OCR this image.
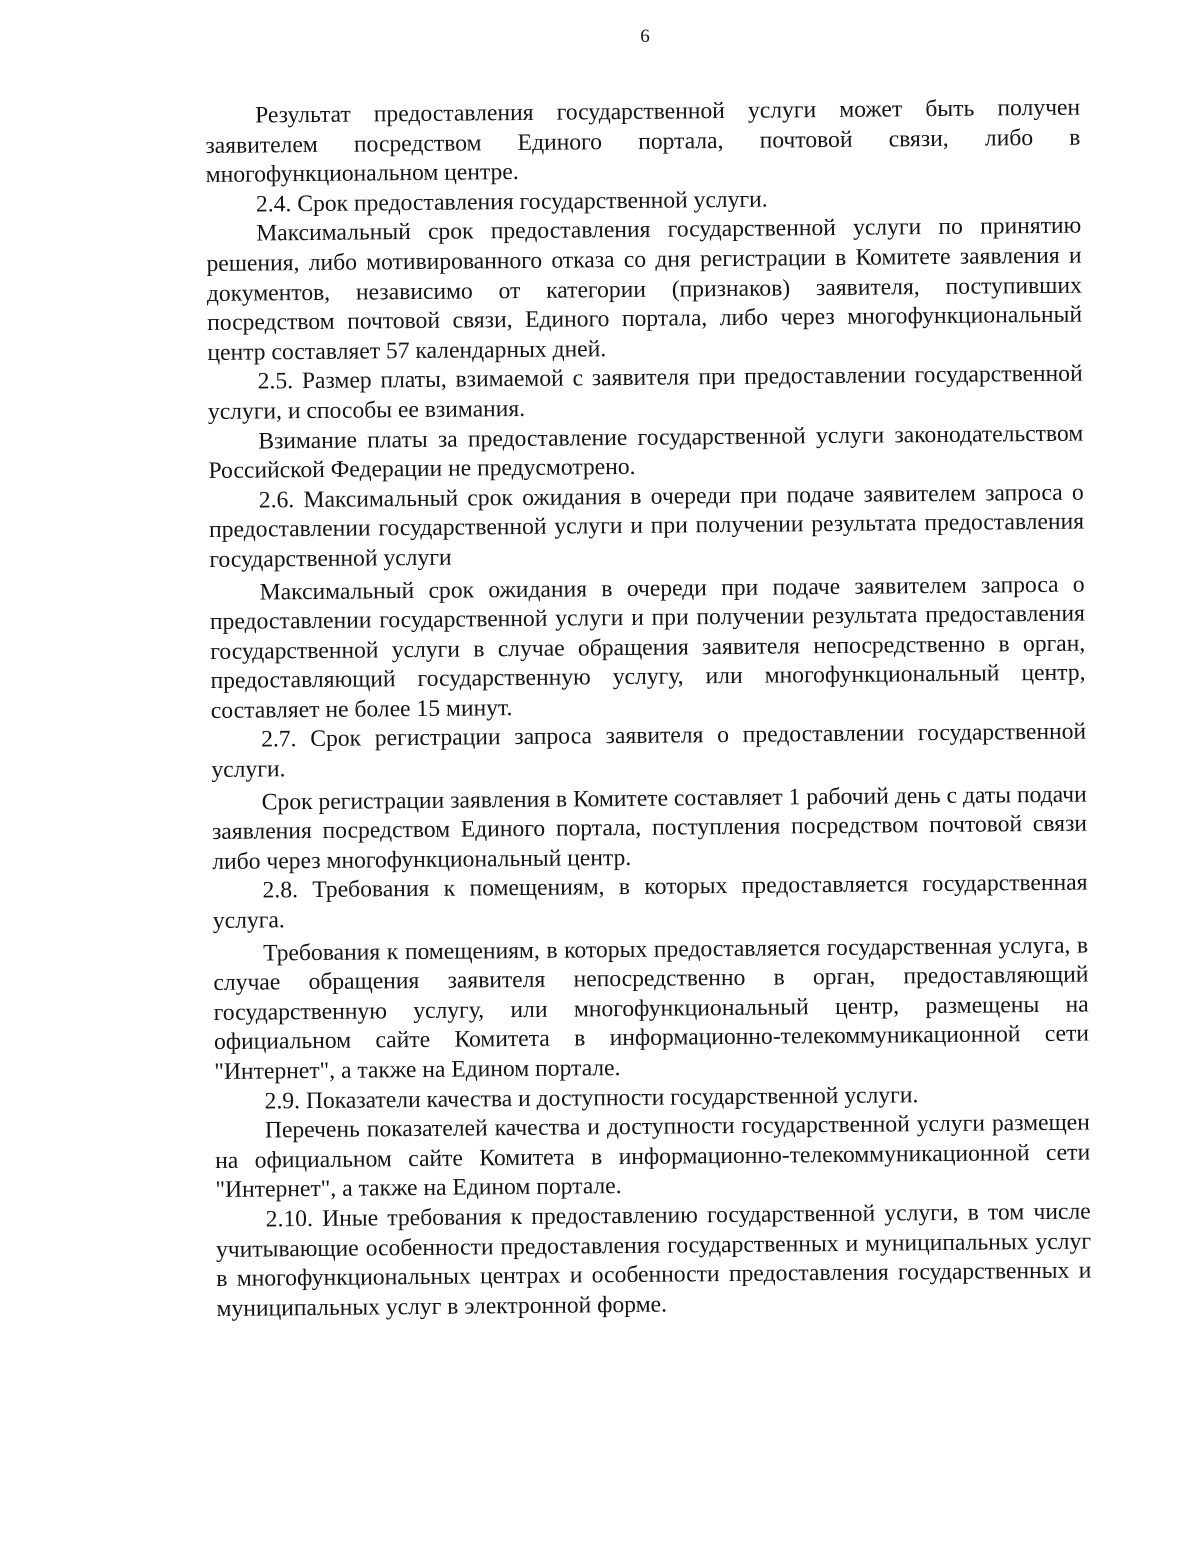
6

Результат предоставления государственной услуги может быть получен заявителем посредством Единого портала, почтовой связи, либо в многофункциональном центре.

2.4. Срок предоставления государственной услуги.

Максимальный срок предоставления государственной услуги по принятию решения, либо мотивированного отказа со дня регистрации в Комитете заявления и документов, независимо от категории (признаков) заявителя, поступивших посредством почтовой связи, Единого портала, либо через многофункциональный центр составляет 57 календарных дней.

2.5. Размер платы, взимаемой с заявителя при предоставлении государственной услуги, и способы ее взимания.

Взимание платы за предоставление государственной услуги законодательством Российской Федерации не предусмотрено.

2.6. Максимальный срок ожидания в очереди при подаче заявителем запроса о предоставлении государственной услуги и при получении результата предоставления государственной услуги

Максимальный срок ожидания в очереди при подаче заявителем запроса о предоставлении государственной услуги и при получении результата предоставления государственной услуги в случае обращения заявителя непосредственно в орган, предоставляющий государственную услугу, или многофункциональный центр, составляет не более 15 минут.

2.7. Срок регистрации запроса заявителя о предоставлении государственной услуги.

Срок регистрации заявления в Комитете составляет 1 рабочий день с даты подачи заявления посредством Единого портала, поступления посредством почтовой связи либо через многофункциональный центр.

2.8. Требования к помещениям, в которых предоставляется государственная услуга.

Требования к помещениям, в которых предоставляется государственная услуга, в случае обращения заявителя непосредственно в орган, предоставляющий государственную услугу, или многофункциональный центр, размещены на официальном сайте Комитета в информационно-телекоммуникационной сети "Интернет", а также на Едином портале.

2.9. Показатели качества и доступности государственной услуги.

Перечень показателей качества и доступности государственной услуги размещен на официальном сайте Комитета в информационно-телекоммуникационной сети "Интернет", а также на Едином портале.

2.10. Иные требования к предоставлению государственной услуги, в том числе учитывающие особенности предоставления государственных и муниципальных услуг в многофункциональных центрах и особенности предоставления государственных и муниципальных услуг в электронной форме.
